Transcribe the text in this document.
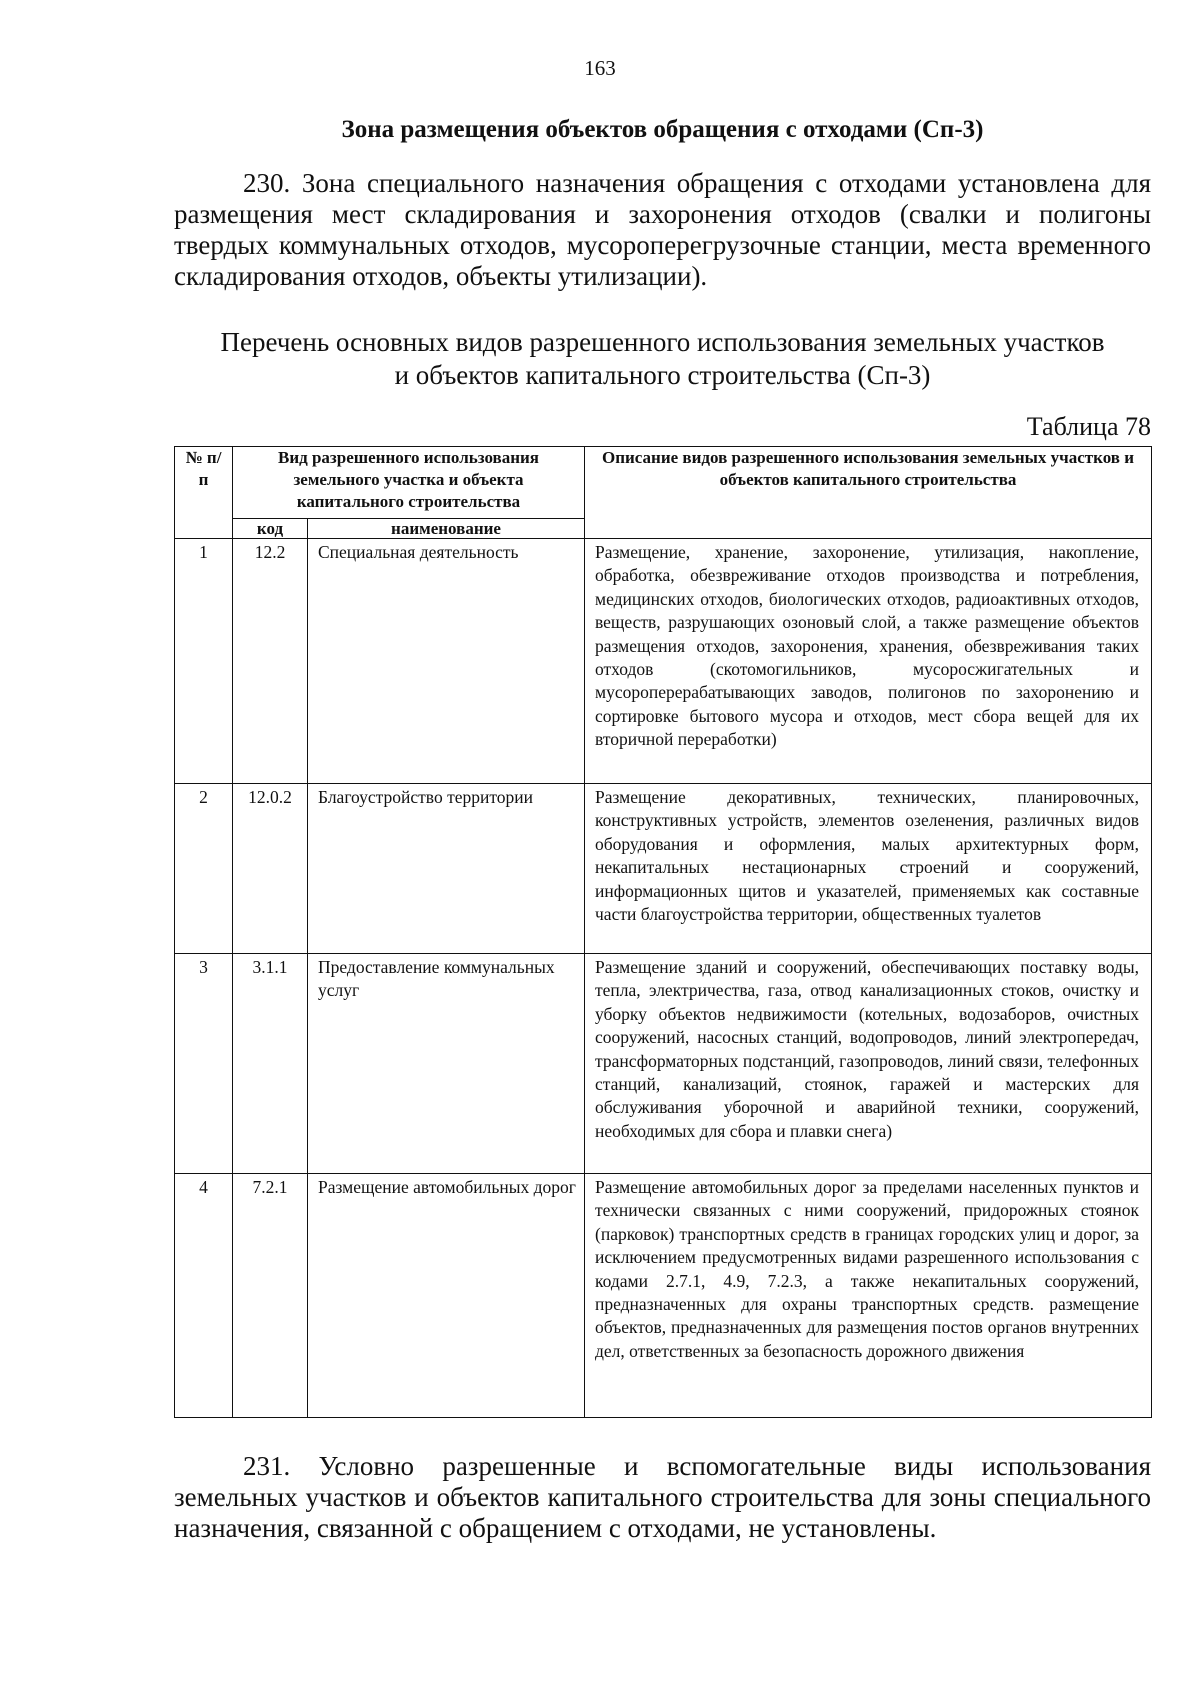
163
Зона размещения объектов обращения с отходами (Сп-3)

230. Зона специального назначения обращения с отходами установлена для размещения мест складирования и захоронения отходов (свалки и полигоны твердых коммунальных отходов, мусороперегрузочные станции, места временного складирования отходов, объекты утилизации).

Перечень основных видов разрешенного использования земельных участков
и объектов капитального строительства (Сп-3)
Таблица 78
№ п/п	Вид разрешенного использования земельного участка и объекта капитального строительства		Описание видов разрешенного использования земельных участков и объектов капитального строительства
	код	наименование	
1	12.2	Специальная деятельность	Размещение, хранение, захоронение, утилизация, накопление, обработка, обезвреживание отходов производства и потребления, медицинских отходов, биологических отходов, радиоактивных отходов, веществ, разрушающих озоновый слой, а также размещение объектов размещения отходов, захоронения, хранения, обезвреживания таких отходов (скотомогильников, мусоросжигательных и мусороперерабатывающих заводов, полигонов по захоронению и сортировке бытового мусора и отходов, мест сбора вещей для их вторичной переработки)
2	12.0.2	Благоустройство территории	Размещение декоративных, технических, планировочных, конструктивных устройств, элементов озеленения, различных видов оборудования и оформления, малых архитектурных форм, некапитальных нестационарных строений и сооружений, информационных щитов и указателей, применяемых как составные части благоустройства территории, общественных туалетов
3	3.1.1	Предоставление коммунальных услуг	Размещение зданий и сооружений, обеспечивающих поставку воды, тепла, электричества, газа, отвод канализационных стоков, очистку и уборку объектов недвижимости (котельных, водозаборов, очистных сооружений, насосных станций, водопроводов, линий электропередач, трансформаторных подстанций, газопроводов, линий связи, телефонных станций, канализаций, стоянок, гаражей и мастерских для обслуживания уборочной и аварийной техники, сооружений, необходимых для сбора и плавки снега)
4	7.2.1	Размещение автомобильных дорог	Размещение автомобильных дорог за пределами населенных пунктов и технически связанных с ними сооружений, придорожных стоянок (парковок) транспортных средств в границах городских улиц и дорог, за исключением предусмотренных видами разрешенного использования с кодами 2.7.1, 4.9, 7.2.3, а также некапитальных сооружений, предназначенных для охраны транспортных средств. размещение объектов, предназначенных для размещения постов органов внутренних дел, ответственных за безопасность дорожного движения

231. Условно разрешенные и вспомогательные виды использования земельных участков и объектов капитального строительства для зоны специального назначения, связанной с обращением с отходами, не установлены.
